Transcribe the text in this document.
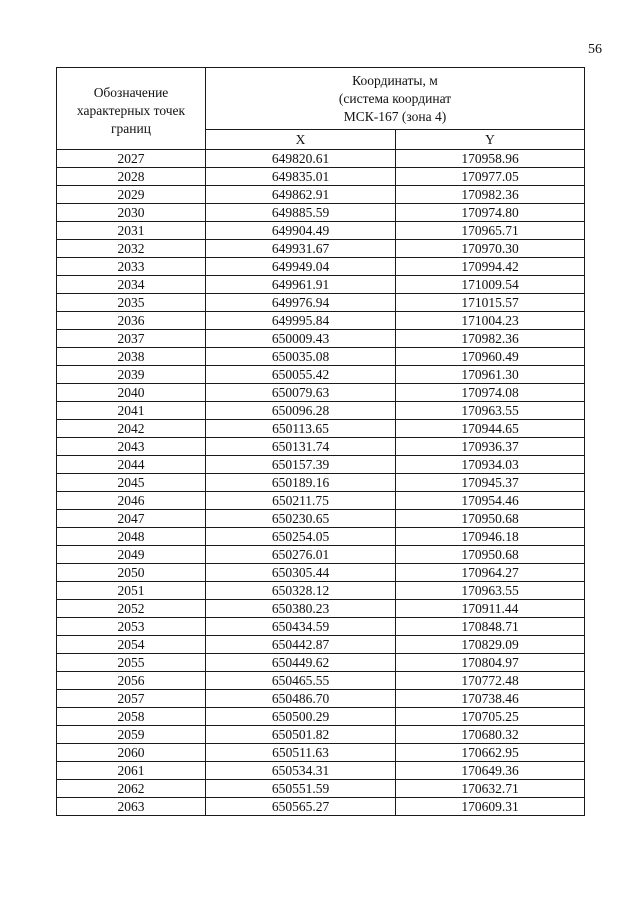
56
Обозначение характерных точек границ	Координаты, м
(система координат
МСК-167 (зона 4)	

	X	Y
2027	649820.61	170958.96
2028	649835.01	170977.05
2029	649862.91	170982.36
2030	649885.59	170974.80
2031	649904.49	170965.71
2032	649931.67	170970.30
2033	649949.04	170994.42
2034	649961.91	171009.54
2035	649976.94	171015.57
2036	649995.84	171004.23
2037	650009.43	170982.36
2038	650035.08	170960.49
2039	650055.42	170961.30
2040	650079.63	170974.08
2041	650096.28	170963.55
2042	650113.65	170944.65
2043	650131.74	170936.37
2044	650157.39	170934.03
2045	650189.16	170945.37
2046	650211.75	170954.46
2047	650230.65	170950.68
2048	650254.05	170946.18
2049	650276.01	170950.68
2050	650305.44	170964.27
2051	650328.12	170963.55
2052	650380.23	170911.44
2053	650434.59	170848.71
2054	650442.87	170829.09
2055	650449.62	170804.97
2056	650465.55	170772.48
2057	650486.70	170738.46
2058	650500.29	170705.25
2059	650501.82	170680.32
2060	650511.63	170662.95
2061	650534.31	170649.36
2062	650551.59	170632.71
2063	650565.27	170609.31
